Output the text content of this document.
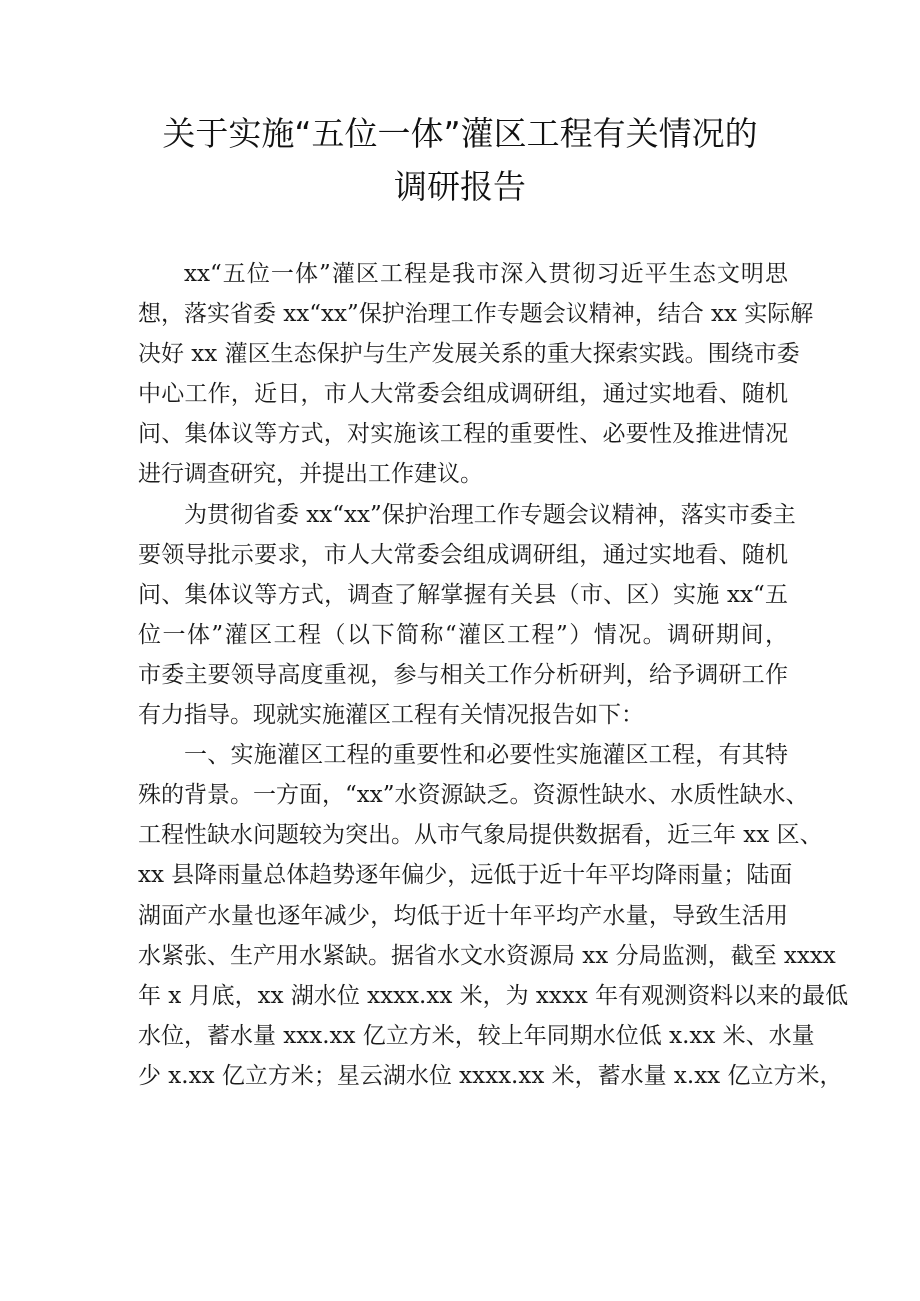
关于实施“五位一体”灌区工程有关情况的
调研报告
xx“五位一体”灌区工程是我市深入贯彻习近平生态文明思
想，落实省委 xx“xx”保护治理工作专题会议精神，结合 xx 实际解
决好 xx 灌区生态保护与生产发展关系的重大探索实践。围绕市委
中心工作，近日，市人大常委会组成调研组，通过实地看、随机
问、集体议等方式，对实施该工程的重要性、必要性及推进情况
进行调查研究，并提出工作建议。
为贯彻省委 xx“xx”保护治理工作专题会议精神，落实市委主
要领导批示要求，市人大常委会组成调研组，通过实地看、随机
问、集体议等方式，调查了解掌握有关县（市、区）实施 xx“五
位一体”灌区工程（以下简称“灌区工程”）情况。调研期间，
市委主要领导高度重视，参与相关工作分析研判，给予调研工作
有力指导。现就实施灌区工程有关情况报告如下：
一、实施灌区工程的重要性和必要性实施灌区工程，有其特
殊的背景。一方面，“xx”水资源缺乏。资源性缺水、水质性缺水、
工程性缺水问题较为突出。从市气象局提供数据看，近三年 xx 区、
xx 县降雨量总体趋势逐年偏少，远低于近十年平均降雨量；陆面
湖面产水量也逐年减少，均低于近十年平均产水量，导致生活用
水紧张、生产用水紧缺。据省水文水资源局 xx 分局监测，截至 xxxx
年 x 月底，xx 湖水位 xxxx.xx 米，为 xxxx 年有观测资料以来的最低
水位，蓄水量 xxx.xx 亿立方米，较上年同期水位低 x.xx 米、水量
少 x.xx 亿立方米；星云湖水位 xxxx.xx 米，蓄水量 x.xx 亿立方米，
